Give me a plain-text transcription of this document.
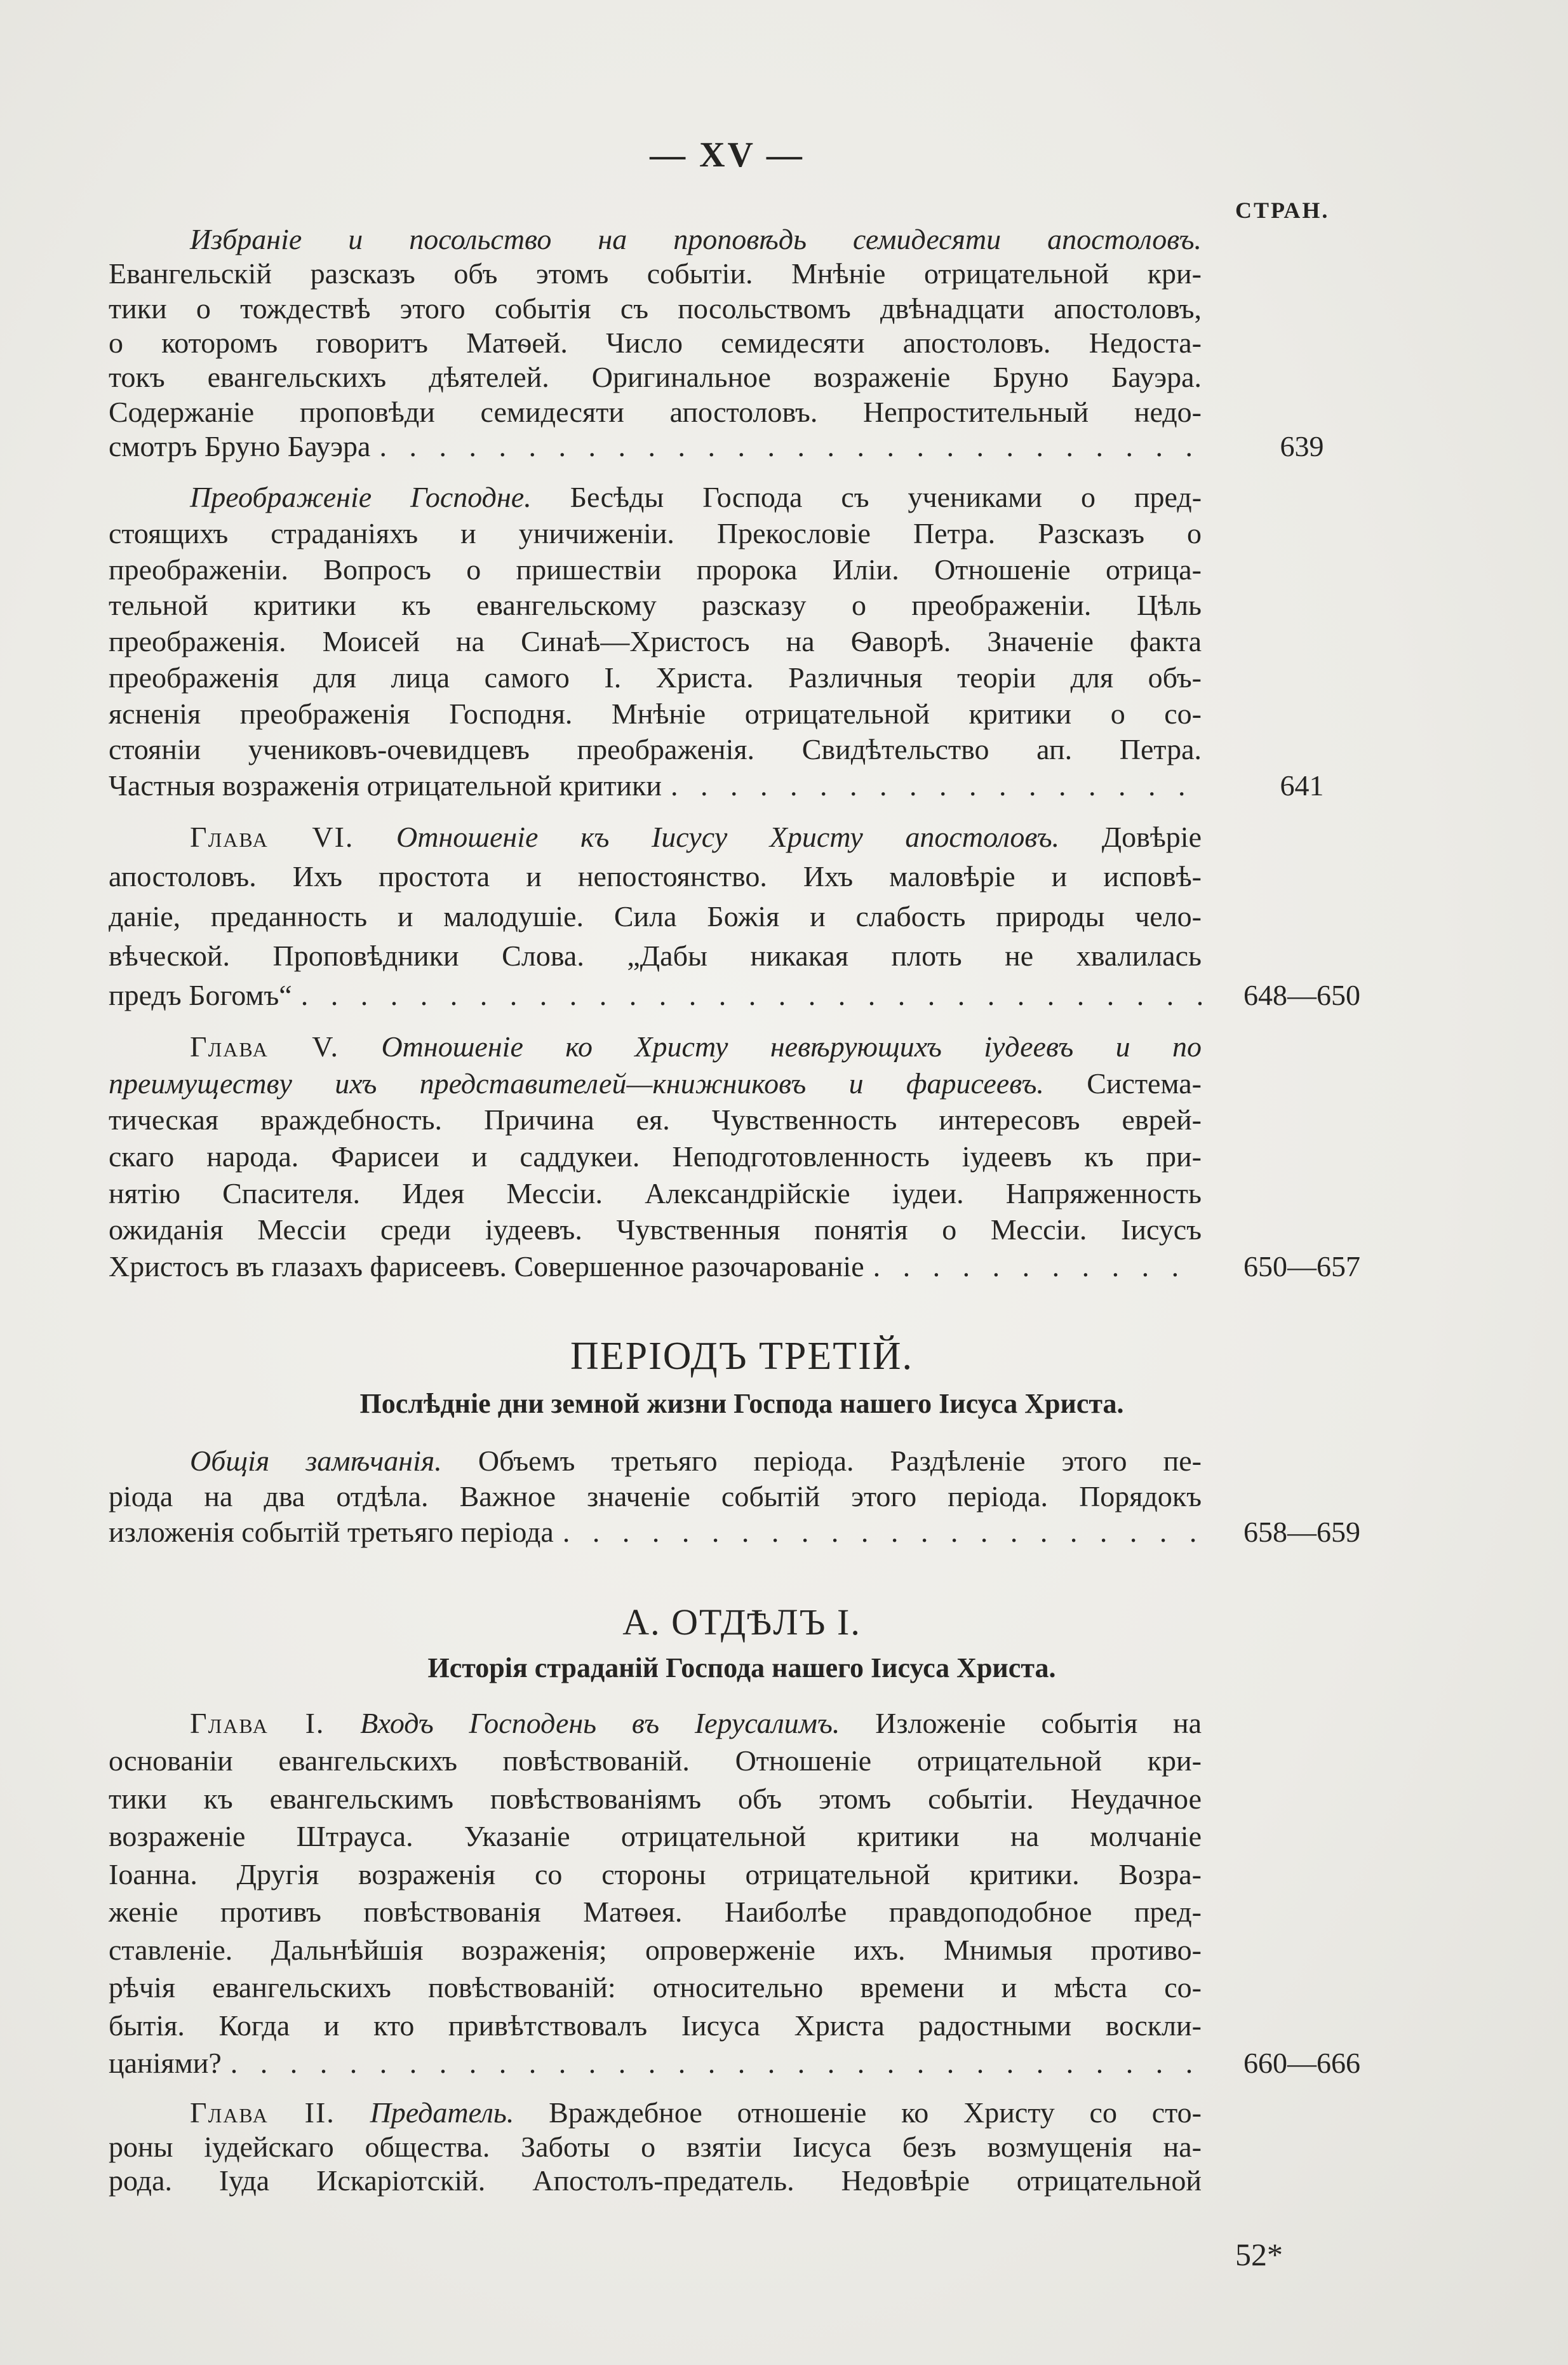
— XV —
СТРАН.
Избраніе и посольство на проповѣдь семидесяти апостоловъ.
Евангельскій разсказъ объ этомъ событіи. Мнѣніе отрицательной кри-
тики о тождествѣ этого событія съ посольствомъ двѣнадцати апостоловъ,
о которомъ говоритъ Матѳей. Число семидесяти апостоловъ. Недоста-
токъ евангельскихъ дѣятелей. Оригинальное возраженіе Бруно Бауэра.
Содержаніе проповѣди семидесяти апостоловъ. Непростительный недо-
639
смотръ Бруно Бауэра
. . .
Преображеніе Господне. Бесѣды Господа съ учениками о пред-
стоящихъ страданіяхъ и уничиженіи. Прекословіе Петра. Разсказъ о
преображеніи. Вопросъ о пришествіи пророка Иліи. Отношеніе отрица-
тельной критики къ евангельскому разсказу о преображеніи. Цѣль
преображенія. Моисей на Синаѣ—Христосъ на Ѳаворѣ. Значеніе факта
преображенія для лица самого I. Христа. Различныя теоріи для объ-
ясненія преображенія Господня. Мнѣніе отрицательной критики о со-
стояніи учениковъ-очевидцевъ преображенія. Свидѣтельство ап. Петра.
641
Частныя возраженія отрицательной критики
. . .
Глава VI. Отношеніе къ Іисусу Христу апостоловъ. Довѣріе
апостоловъ. Ихъ простота и непостоянство. Ихъ маловѣріе и исповѣ-
даніе, преданность и малодушіе. Сила Божія и слабость природы чело-
вѣческой. Проповѣдники Слова. „Дабы никакая плоть не хвалилась
648—650
предъ Богомъ“
. . .
Глава V. Отношеніе ко Христу невѣрующихъ іудеевъ и по
преимуществу ихъ представителей—книжниковъ и фарисеевъ. Система-
тическая враждебность. Причина ея. Чувственность интересовъ еврей-
скаго народа. Фарисеи и саддукеи. Неподготовленность іудеевъ къ при-
нятію Спасителя. Идея Мессіи. Александрійскіе іудеи. Напряженность
ожиданія Мессіи среди іудеевъ. Чувственныя понятія о Мессіи. Іисусъ
650—657
Христосъ въ глазахъ фарисеевъ. Совершенное разочарованіе
. . .
Общія замѣчанія. Объемъ третьяго періода. Раздѣленіе этого пе-
ріода на два отдѣла. Важное значеніе событій этого періода. Порядокъ
658—659
изложенія событій третьяго періода
. . .
Глава I. Входъ Господень въ Іерусалимъ. Изложеніе событія на
основаніи евангельскихъ повѣствованій. Отношеніе отрицательной кри-
тики къ евангельскимъ повѣствованіямъ объ этомъ событіи. Неудачное
возраженіе Штрауса. Указаніе отрицательной критики на молчаніе
Іоанна. Другія возраженія со стороны отрицательной критики. Возра-
женіе противъ повѣствованія Матѳея. Наиболѣе правдоподобное пред-
ставленіе. Дальнѣйшія возраженія; опроверженіе ихъ. Мнимыя противо-
рѣчія евангельскихъ повѣствованій: относительно времени и мѣста со-
бытія. Когда и кто привѣтствовалъ Іисуса Христа радостными воскли-
660—666
цаніями?
. . .
Глава II. Предатель. Враждебное отношеніе ко Христу со сто-
роны іудейскаго общества. Заботы о взятіи Іисуса безъ возмущенія на-
рода. Іуда Искаріотскій. Апостолъ-предатель. Недовѣріе отрицательной
ПЕРІОДЪ ТРЕТІЙ.
Послѣдніе дни земной жизни Господа нашего Іисуса Христа.
А. ОТДѢЛЪ I.
Исторія страданій Господа нашего Іисуса Христа.
52*
